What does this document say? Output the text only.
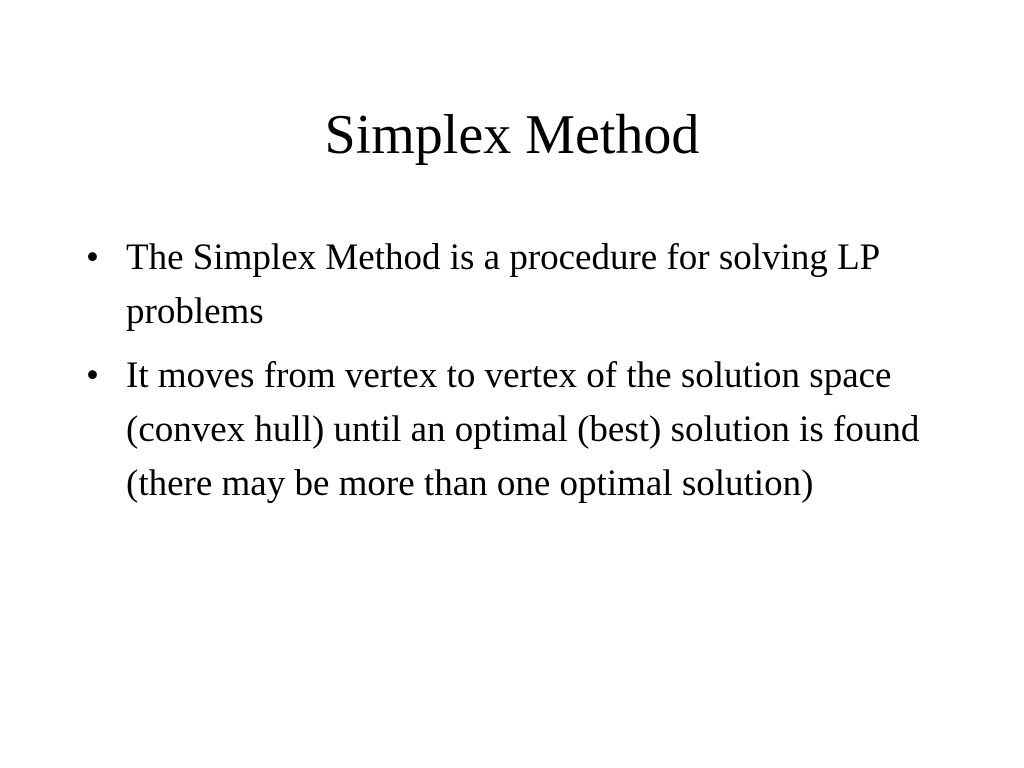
Simplex Method
• The Simplex Method is a procedure for solving LP problems
• It moves from vertex to vertex of the solution space (convex hull) until an optimal (best) solution is found (there may be more than one optimal solution)
